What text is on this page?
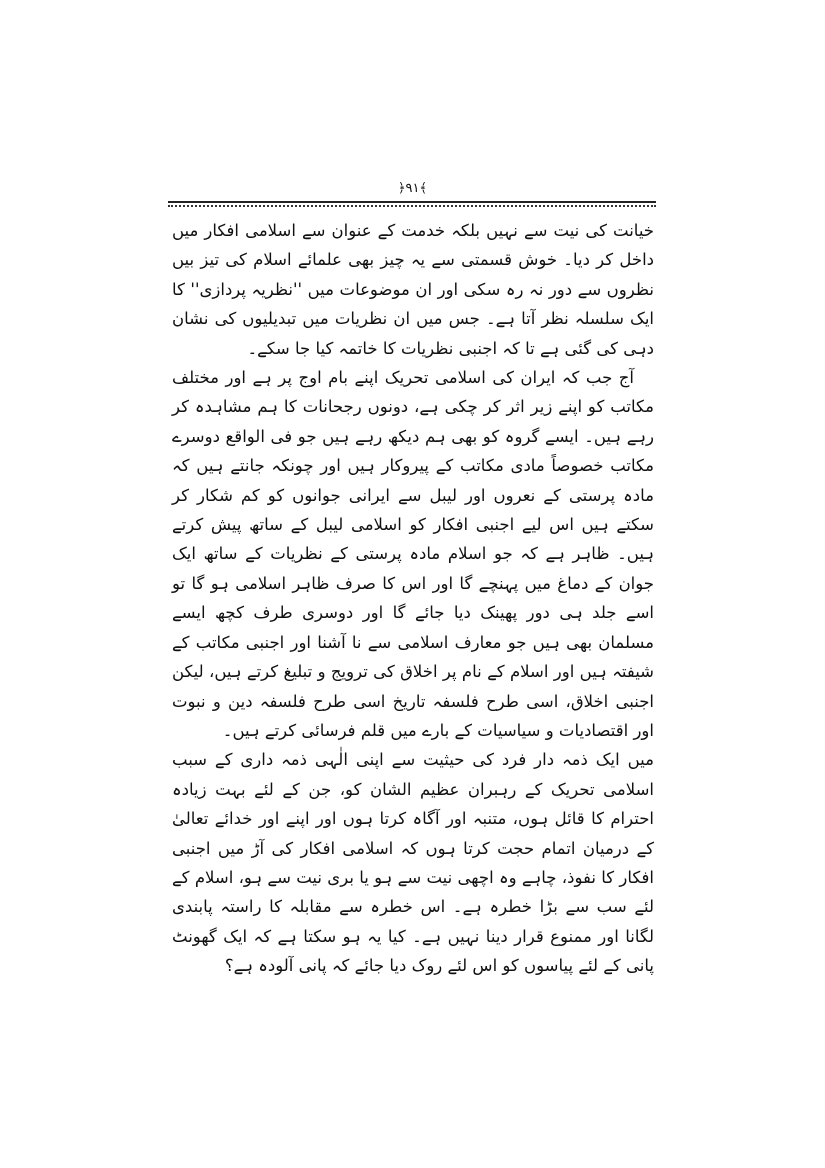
﴿۹۱﴾

خیانت کی نیت سے نہیں بلکہ خدمت کے عنوان سے اسلامی افکار میں داخل کر دیا۔ خوش قسمتی سے یہ چیز بھی علمائے اسلام کی تیز بیں نظروں سے دور نہ رہ سکی اور ان موضوعات میں ''نظریہ پردازی'' کا ایک سلسلہ نظر آتا ہے۔ جس میں ان نظریات میں تبدیلیوں کی نشان دہی کی گئی ہے تا کہ اجنبی نظریات کا خاتمہ کیا جا سکے۔

آج جب کہ ایران کی اسلامی تحریک اپنے بام اوج پر ہے اور مختلف مکاتب کو اپنے زیر اثر کر چکی ہے، دونوں رجحانات کا ہم مشاہدہ کر رہے ہیں۔ ایسے گروہ کو بھی ہم دیکھ رہے ہیں جو فی الواقع دوسرے مکاتب خصوصاً مادی مکاتب کے پیروکار ہیں اور چونکہ جانتے ہیں کہ مادہ پرستی کے نعروں اور لیبل سے ایرانی جوانوں کو کم شکار کر سکتے ہیں اس لیے اجنبی افکار کو اسلامی لیبل کے ساتھ پیش کرتے ہیں۔ ظاہر ہے کہ جو اسلام مادہ پرستی کے نظریات کے ساتھ ایک جوان کے دماغ میں پہنچے گا اور اس کا صرف ظاہر اسلامی ہو گا تو اسے جلد ہی دور پھینک دیا جائے گا اور دوسری طرف کچھ ایسے مسلمان بھی ہیں جو معارف اسلامی سے نا آشنا اور اجنبی مکاتب کے شیفتہ ہیں اور اسلام کے نام پر اخلاق کی ترویج و تبلیغ کرتے ہیں، لیکن اجنبی اخلاق، اسی طرح فلسفہ تاریخ اسی طرح فلسفہ دین و نبوت اور اقتصادیات و سیاسیات کے بارے میں قلم فرسائی کرتے ہیں۔

میں ایک ذمہ دار فرد کی حیثیت سے اپنی الٰہی ذمہ داری کے سبب اسلامی تحریک کے رہبران عظیم الشان کو، جن کے لئے بہت زیادہ احترام کا قائل ہوں، متنبہ اور آگاہ کرتا ہوں اور اپنے اور خدائے تعالیٰ کے درمیان اتمام حجت کرتا ہوں کہ اسلامی افکار کی آڑ میں اجنبی افکار کا نفوذ، چاہے وہ اچھی نیت سے ہو یا بری نیت سے ہو، اسلام کے لئے سب سے بڑا خطرہ ہے۔ اس خطرہ سے مقابلہ کا راستہ پابندی لگانا اور ممنوع قرار دینا نہیں ہے۔ کیا یہ ہو سکتا ہے کہ ایک گھونٹ پانی کے لئے پیاسوں کو اس لئے روک دیا جائے کہ پانی آلودہ ہے؟
